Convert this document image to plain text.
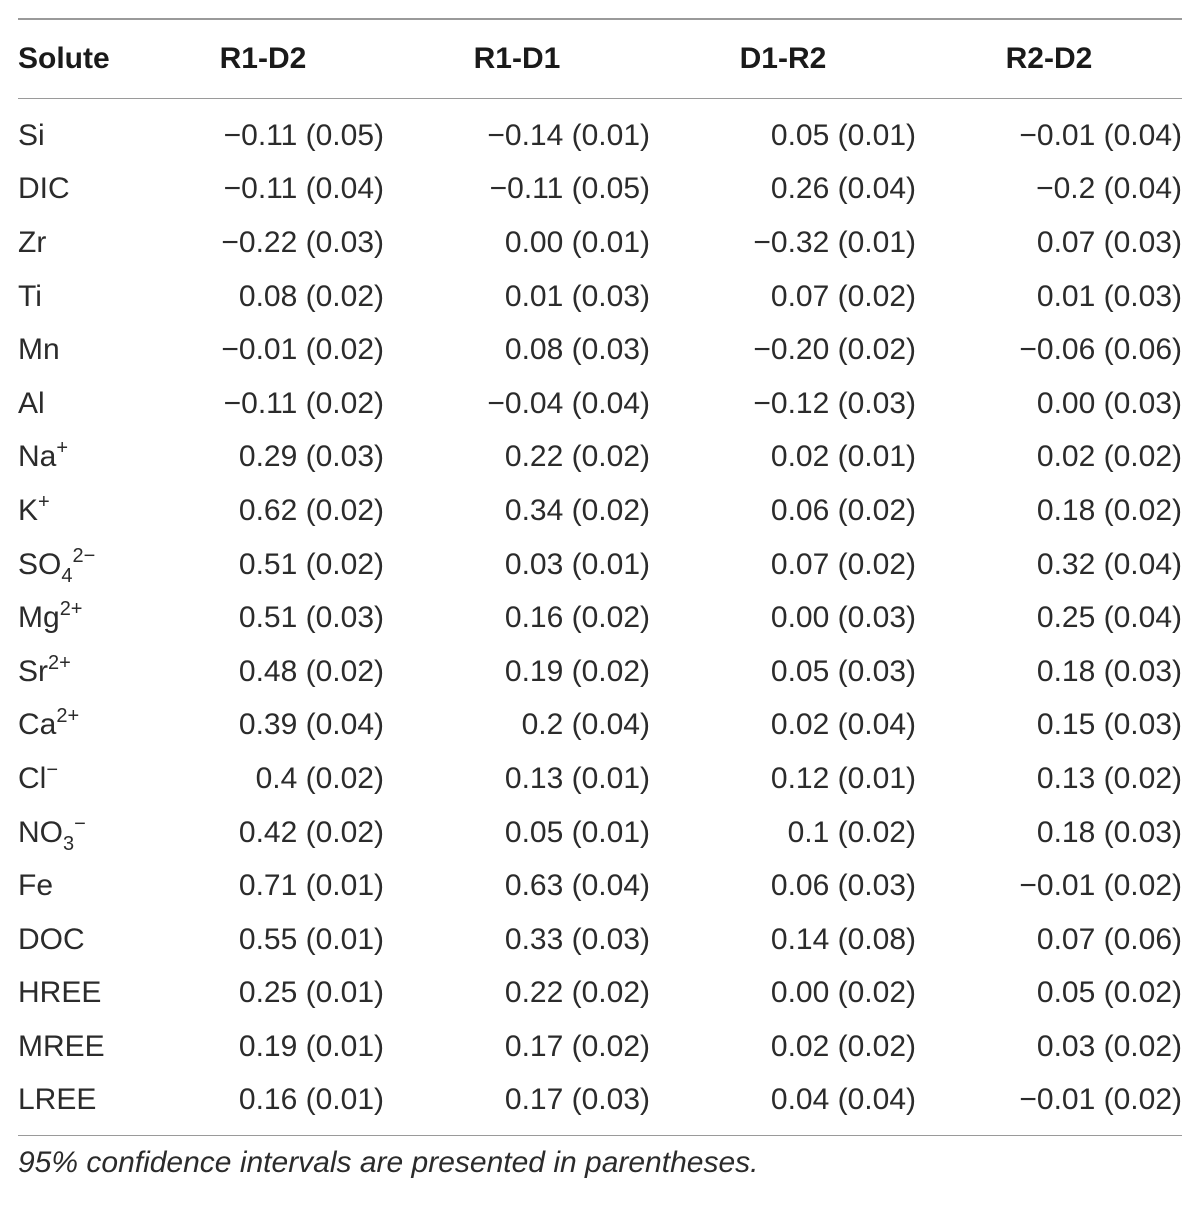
Solute	R1-D2	R1-D1	D1-R2	R2-D2
Si	−0.11 (0.05)	−0.14 (0.01)	0.05 (0.01)	−0.01 (0.04)
DIC	−0.11 (0.04)	−0.11 (0.05)	0.26 (0.04)	−0.2 (0.04)
Zr	−0.22 (0.03)	0.00 (0.01)	−0.32 (0.01)	0.07 (0.03)
Ti	0.08 (0.02)	0.01 (0.03)	0.07 (0.02)	0.01 (0.03)
Mn	−0.01 (0.02)	0.08 (0.03)	−0.20 (0.02)	−0.06 (0.06)
Al	−0.11 (0.02)	−0.04 (0.04)	−0.12 (0.03)	0.00 (0.03)
Na+	0.29 (0.03)	0.22 (0.02)	0.02 (0.01)	0.02 (0.02)
K+	0.62 (0.02)	0.34 (0.02)	0.06 (0.02)	0.18 (0.02)
$SO_4^{2-}$	0.51 (0.02)	0.03 (0.01)	0.07 (0.02)	0.32 (0.04)
$Mg^{2+}$	0.51 (0.03)	0.16 (0.02)	0.00 (0.03)	0.25 (0.04)
$Sr^{2+}$	0.48 (0.02)	0.19 (0.02)	0.05 (0.03)	0.18 (0.03)
$Ca^{2+}$	0.39 (0.04)	0.2 (0.04)	0.02 (0.04)	0.15 (0.03)
Cl−	0.4 (0.02)	0.13 (0.01)	0.12 (0.01)	0.13 (0.02)
$NO_3^-$	0.42 (0.02)	0.05 (0.01)	0.1 (0.02)	0.18 (0.03)
Fe	0.71 (0.01)	0.63 (0.04)	0.06 (0.03)	−0.01 (0.02)
DOC	0.55 (0.01)	0.33 (0.03)	0.14 (0.08)	0.07 (0.06)
HREE	0.25 (0.01)	0.22 (0.02)	0.00 (0.02)	0.05 (0.02)
MREE	0.19 (0.01)	0.17 (0.02)	0.02 (0.02)	0.03 (0.02)
LREE	0.16 (0.01)	0.17 (0.03)	0.04 (0.04)	−0.01 (0.02)
95% confidence intervals are presented in parentheses.
